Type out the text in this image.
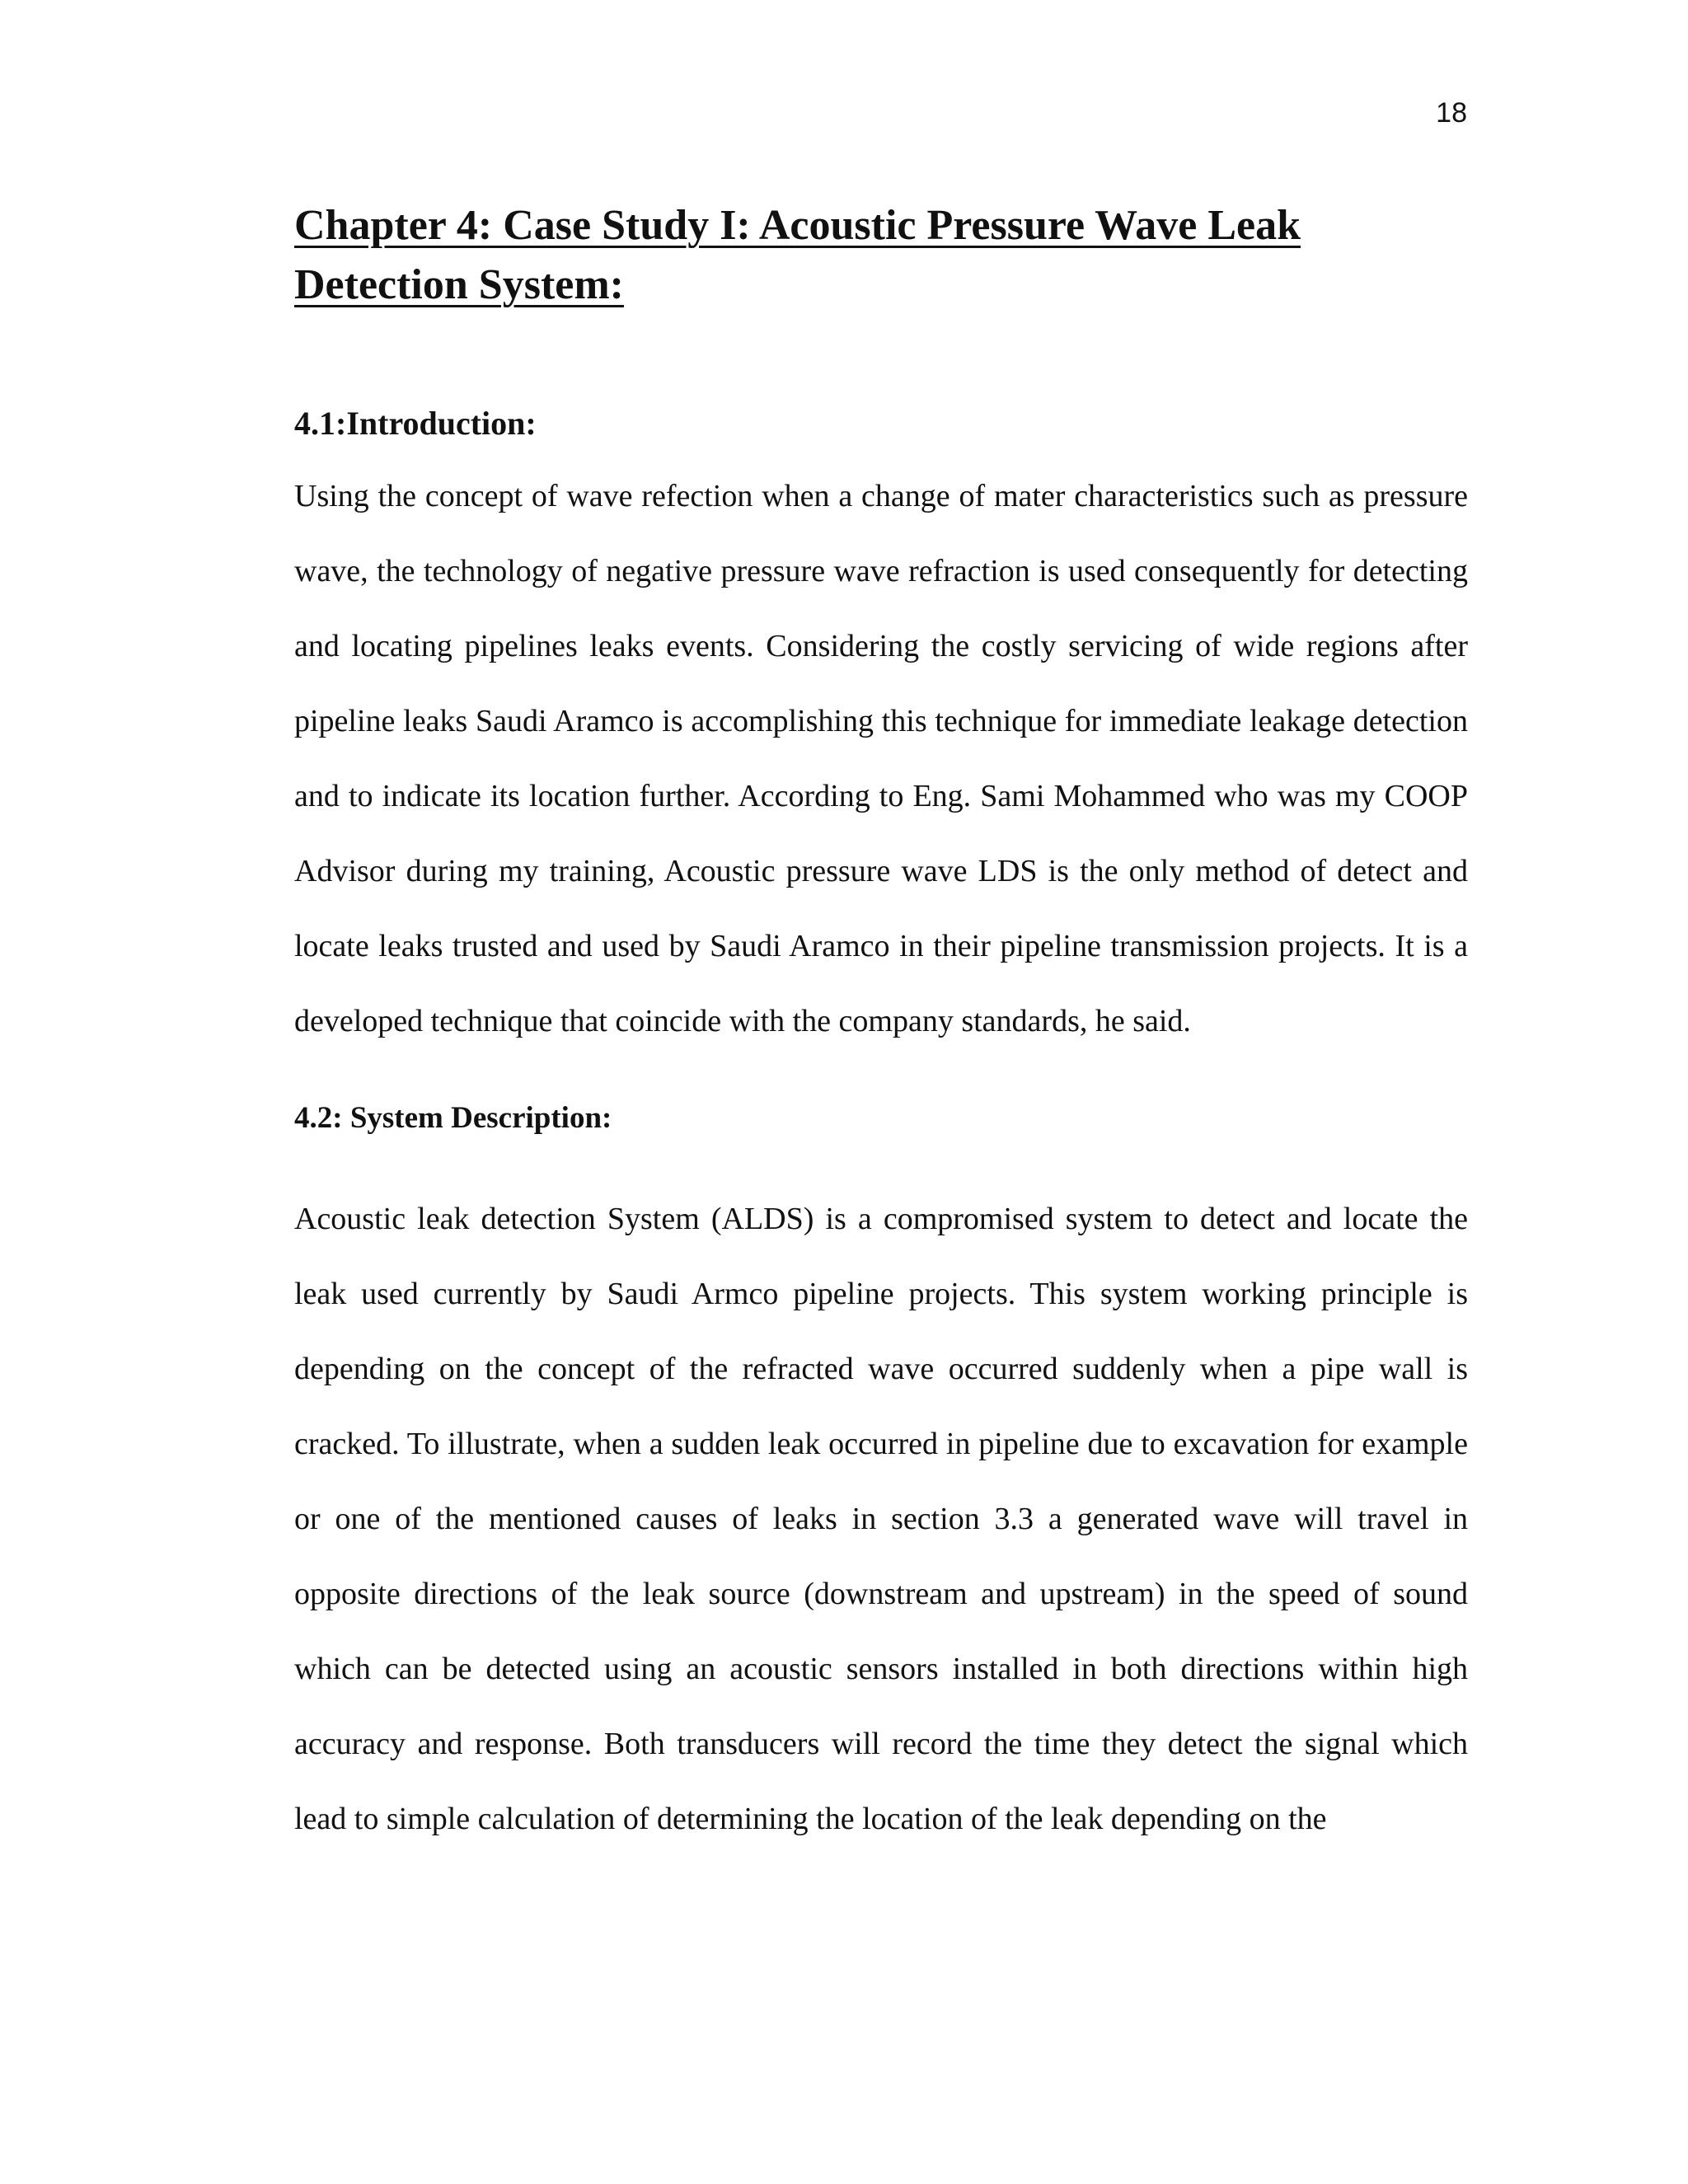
18
Chapter 4: Case Study I: Acoustic Pressure Wave Leak Detection System:
4.1:Introduction:

Using the concept of wave refection when a change of mater characteristics such as pressure wave, the technology of negative pressure wave refraction is used consequently for detecting and locating pipelines leaks events. Considering the costly servicing of wide regions after pipeline leaks Saudi Aramco is accomplishing this technique for immediate leakage detection and to indicate its location further. According to Eng. Sami Mohammed who was my COOP Advisor during my training, Acoustic pressure wave LDS is the only method of detect and locate leaks trusted and used by Saudi Aramco in their pipeline transmission projects. It is a developed technique that coincide with the company standards, he said.

4.2: System Description:

Acoustic leak detection System (ALDS) is a compromised system to detect and locate the leak used currently by Saudi Armco pipeline projects. This system working principle is depending on the concept of the refracted wave occurred suddenly when a pipe wall is cracked. To illustrate, when a sudden leak occurred in pipeline due to excavation for example or one of the mentioned causes of leaks in section 3.3 a generated wave will travel in opposite directions of the leak source (downstream and upstream) in the speed of sound which can be detected using an acoustic sensors installed in both directions within high accuracy and response. Both transducers will record the time they detect the signal which lead to simple calculation of determining the location of the leak depending on the
